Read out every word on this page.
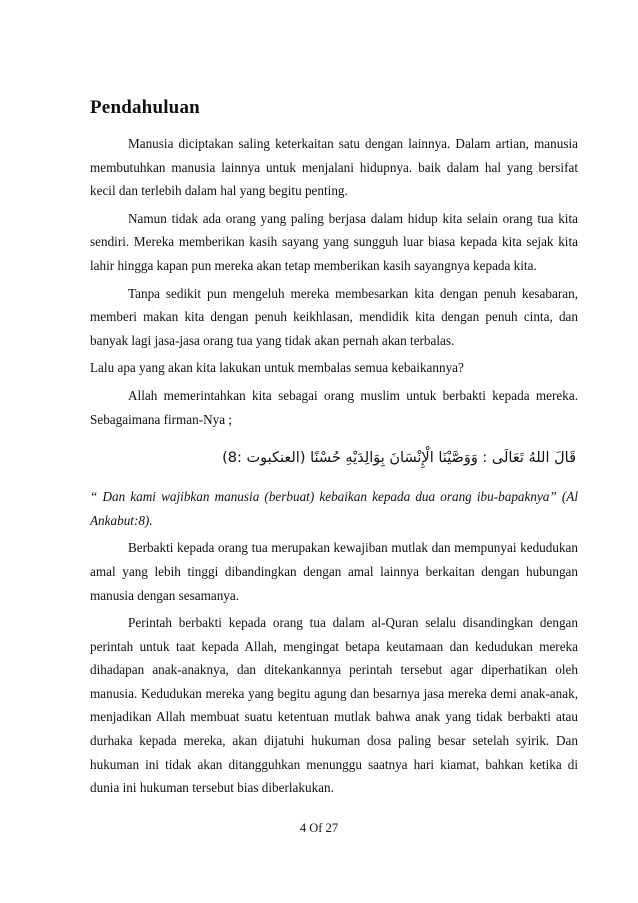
Pendahuluan

Manusia diciptakan saling keterkaitan satu dengan lainnya. Dalam artian, manusia membutuhkan manusia lainnya untuk menjalani hidupnya. baik dalam hal yang bersifat kecil dan terlebih dalam hal yang begitu penting.

Namun tidak ada orang yang paling berjasa dalam hidup kita selain orang tua kita sendiri. Mereka memberikan kasih sayang yang sungguh luar biasa kepada kita sejak kita lahir hingga kapan pun mereka akan tetap memberikan kasih sayangnya kepada kita.

Tanpa sedikit pun mengeluh mereka membesarkan kita dengan penuh kesabaran, memberi makan kita dengan penuh keikhlasan, mendidik kita dengan penuh cinta, dan banyak lagi jasa-jasa orang tua yang tidak akan pernah akan terbalas.

Lalu apa yang akan kita lakukan untuk membalas semua kebaikannya?

Allah memerintahkan kita sebagai orang muslim untuk berbakti kepada mereka. Sebagaimana firman-Nya ;

قَالَ اللهُ تَعَالَى : وَوَصَّيْنَا الْإِنْسَانَ بِوَالِدَيْهِ حُسْنًا (العنكبوت :8)

“ Dan kami wajibkan manusia (berbuat) kebaikan kepada dua orang ibu-bapaknya” (Al Ankabut:8).

Berbakti kepada orang tua merupakan kewajiban mutlak dan mempunyai kedudukan amal yang lebih tinggi dibandingkan dengan amal lainnya berkaitan dengan hubungan manusia dengan sesamanya.

Perintah berbakti kepada orang tua dalam al-Quran selalu disandingkan dengan perintah untuk taat kepada Allah, mengingat betapa keutamaan dan kedudukan mereka dihadapan anak-anaknya, dan ditekankannya perintah tersebut agar diperhatikan oleh manusia. Kedudukan mereka yang begitu agung dan besarnya jasa mereka demi anak-anak, menjadikan Allah membuat suatu ketentuan mutlak bahwa anak yang tidak berbakti atau durhaka kepada mereka, akan dijatuhi hukuman dosa paling besar setelah syirik. Dan hukuman ini tidak akan ditangguhkan menunggu saatnya hari kiamat, bahkan ketika di dunia ini hukuman tersebut bias diberlakukan.

4 Of 27
